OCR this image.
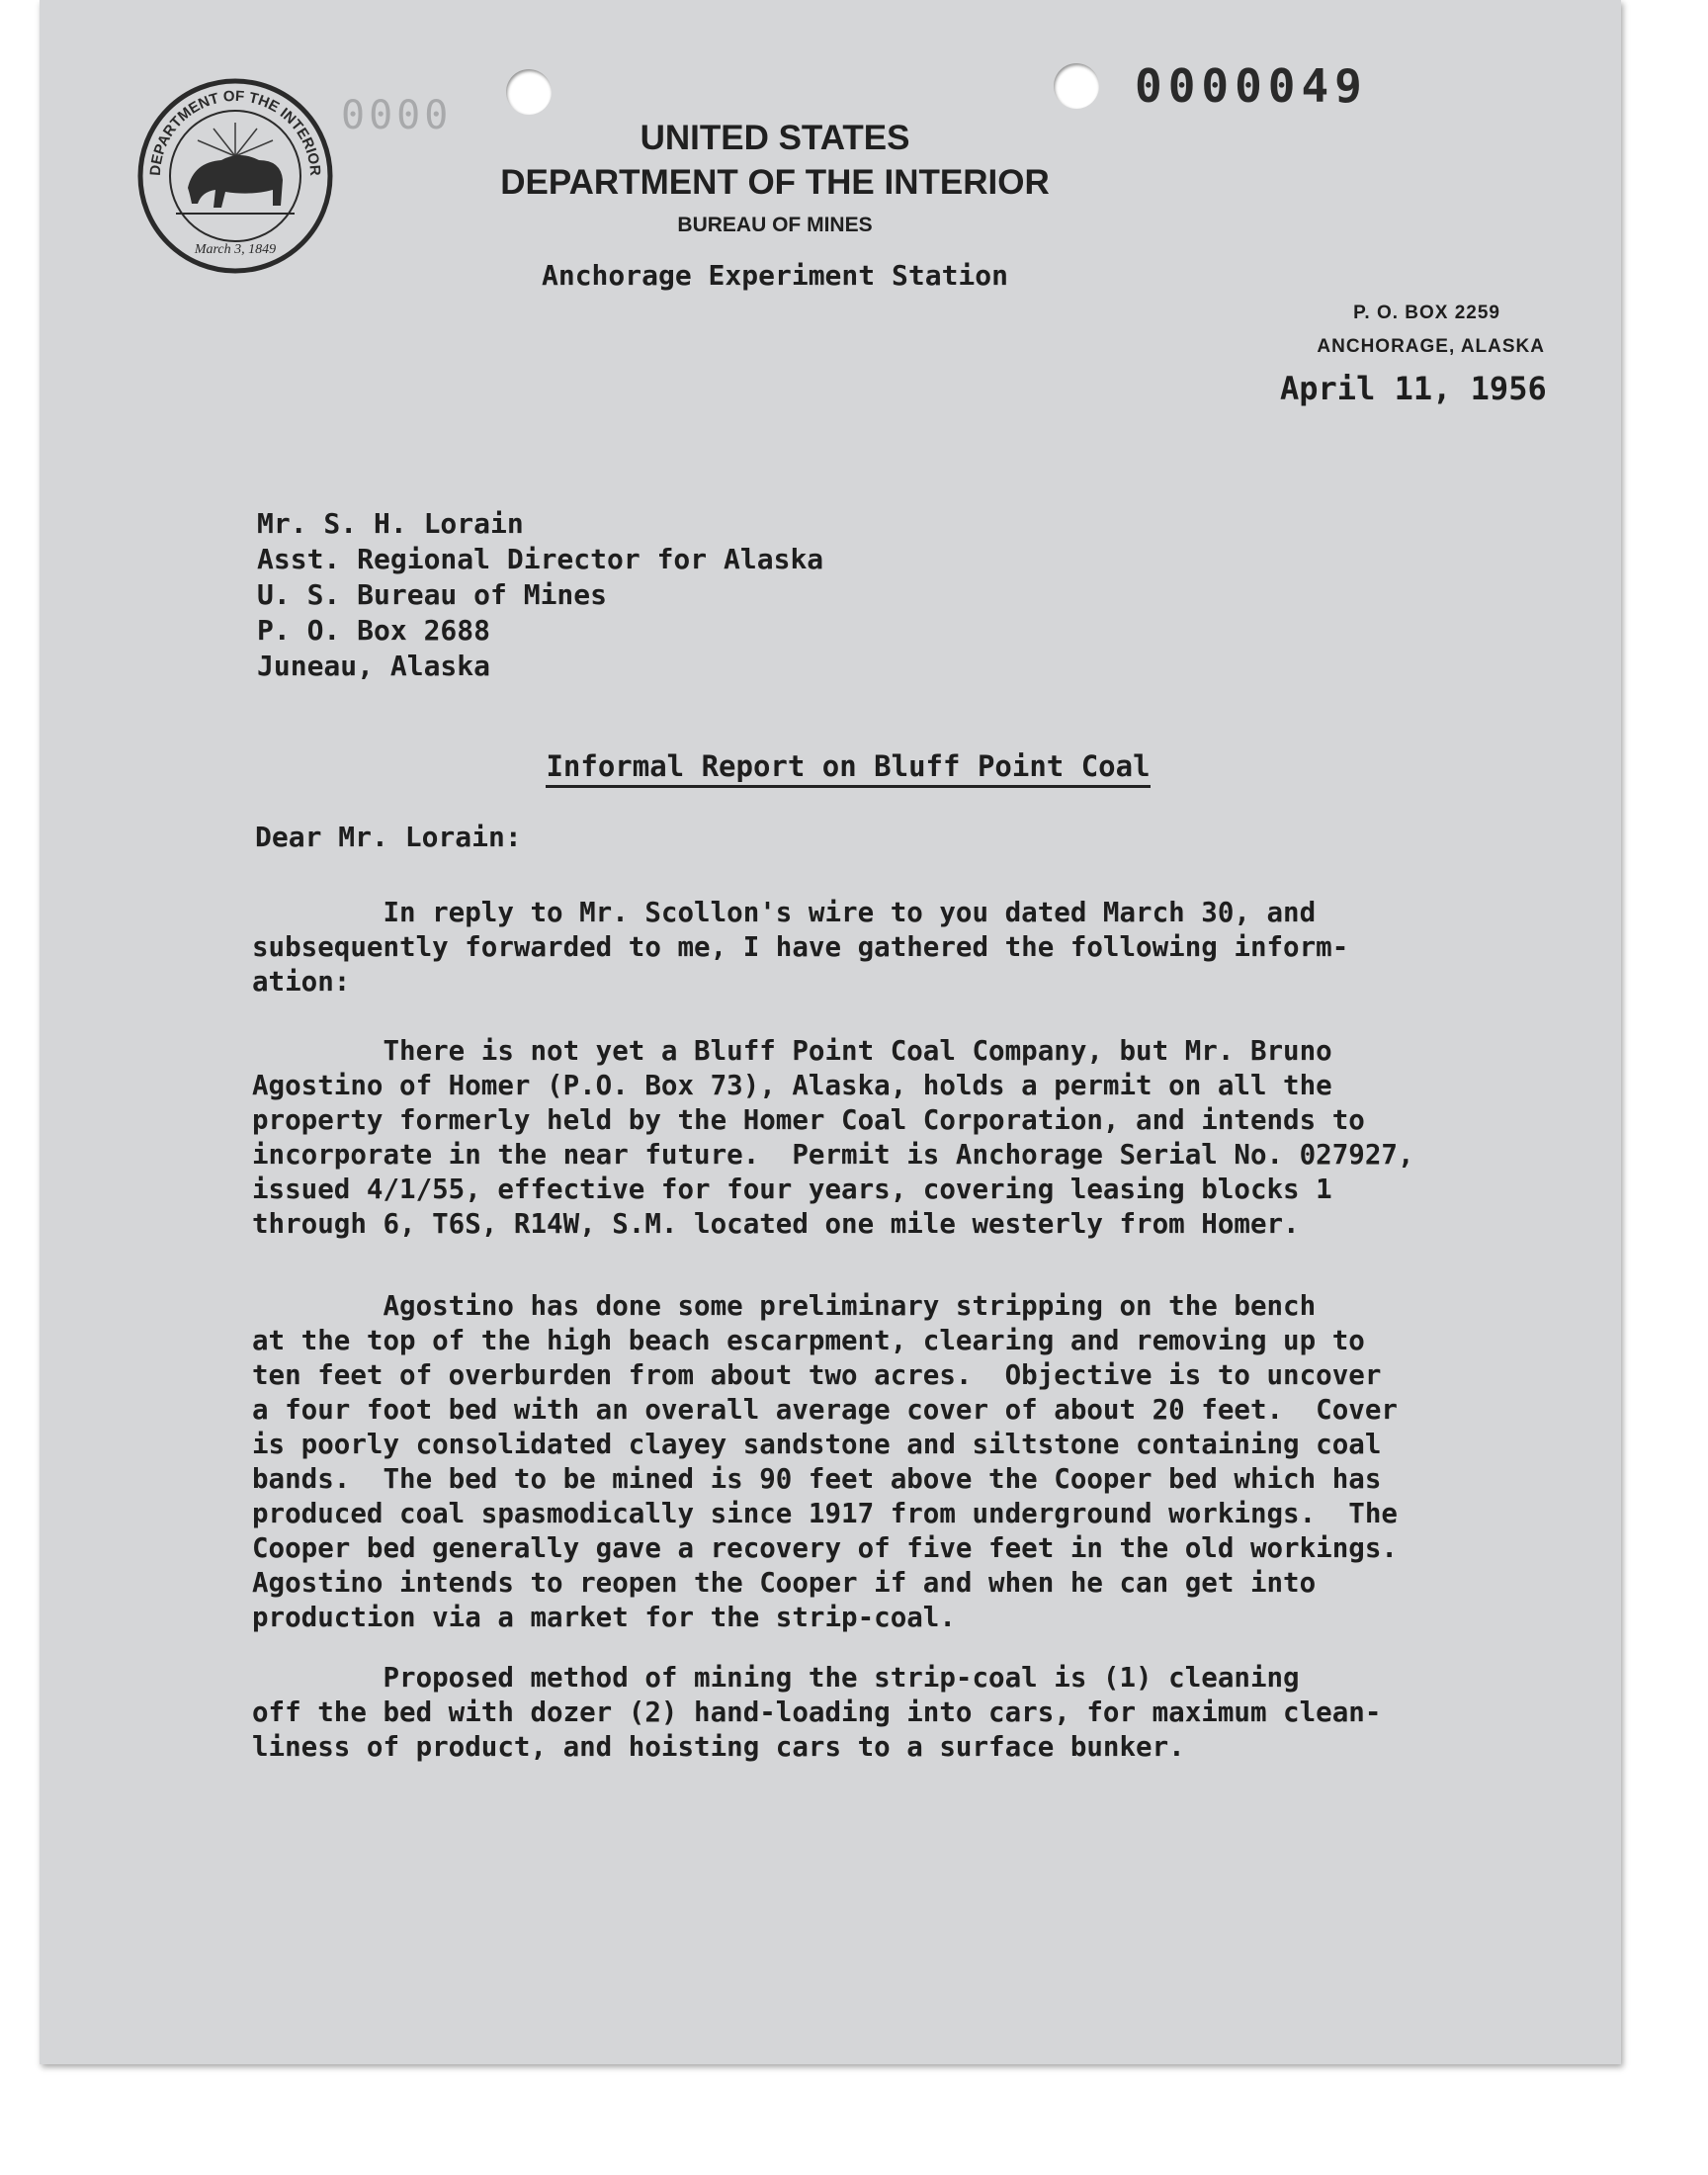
DEPARTMENT OF THE INTERIOR
March 3, 1849
0000
0000049
UNITED STATES
DEPARTMENT OF THE INTERIOR
BUREAU OF MINES
Anchorage Experiment Station
P. O. BOX 2259
ANCHORAGE, ALASKA
April 11, 1956
Mr. S. H. Lorain
Asst. Regional Director for Alaska
U. S. Bureau of Mines
P. O. Box 2688
Juneau, Alaska
Informal Report on Bluff Point Coal
Dear Mr. Lorain:
In reply to Mr. Scollon's wire to you dated March 30, and
subsequently forwarded to me, I have gathered the following inform-
ation:
There is not yet a Bluff Point Coal Company, but Mr. Bruno
Agostino of Homer (P.O. Box 73), Alaska, holds a permit on all the
property formerly held by the Homer Coal Corporation, and intends to
incorporate in the near future.  Permit is Anchorage Serial No. 027927,
issued 4/1/55, effective for four years, covering leasing blocks 1
through 6, T6S, R14W, S.M. located one mile westerly from Homer.
Agostino has done some preliminary stripping on the bench
at the top of the high beach escarpment, clearing and removing up to
ten feet of overburden from about two acres.  Objective is to uncover
a four foot bed with an overall average cover of about 20 feet.  Cover
is poorly consolidated clayey sandstone and siltstone containing coal
bands.  The bed to be mined is 90 feet above the Cooper bed which has
produced coal spasmodically since 1917 from underground workings.  The
Cooper bed generally gave a recovery of five feet in the old workings.
Agostino intends to reopen the Cooper if and when he can get into
production via a market for the strip-coal.
Proposed method of mining the strip-coal is (1) cleaning
off the bed with dozer (2) hand-loading into cars, for maximum clean-
liness of product, and hoisting cars to a surface bunker.
